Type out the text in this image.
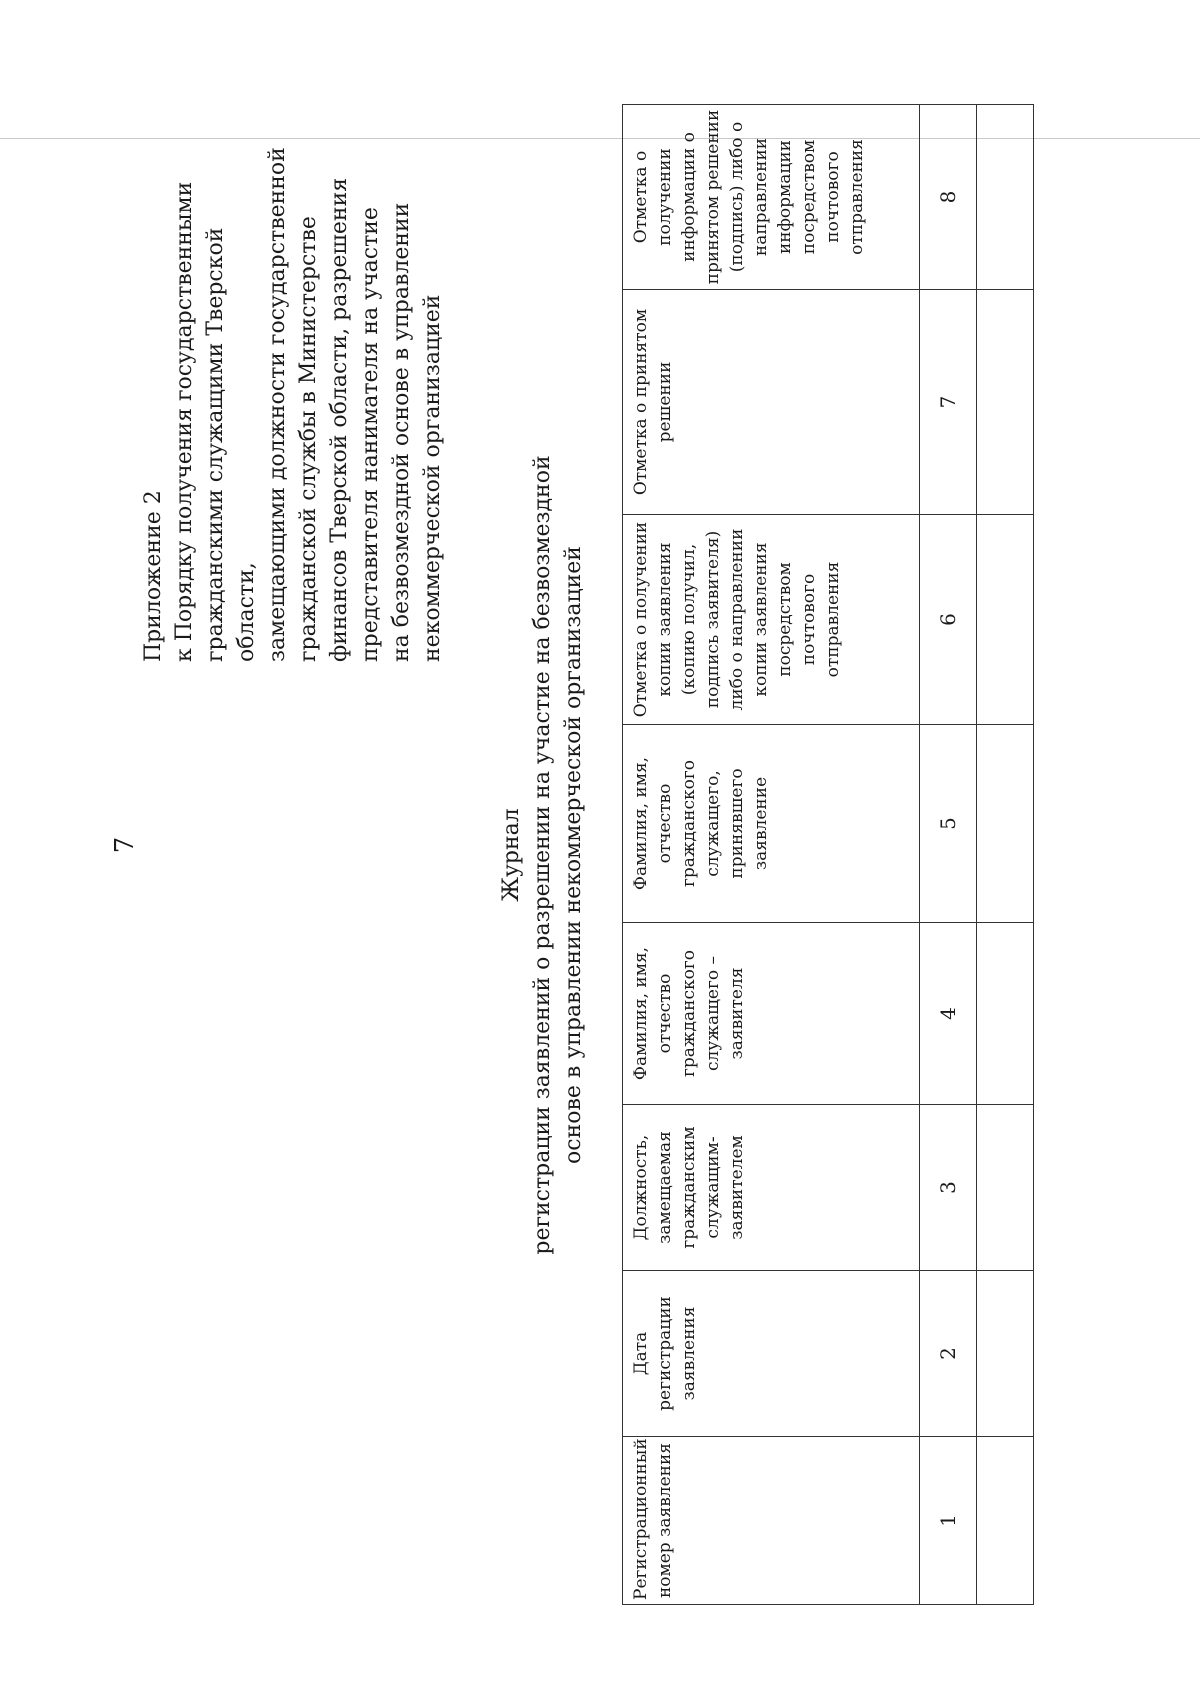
7
Приложение 2 к Порядку получения государственными гражданскими служащими Тверской области, замещающими должности государственной гражданской службы в Министерстве финансов Тверской области, разрешения представителя нанимателя на участие на безвозмездной основе в управлении некоммерческой организацией
Журнал регистрации заявлений о разрешении на участие на безвозмездной основе в управлении некоммерческой организацией
Регистрационный номер заявления	Дата регистрации заявления	Должность, замещаемая гражданским служащим-заявителем	Фамилия, имя, отчество гражданского служащего – заявителя	Фамилия, имя, отчество гражданского служащего, принявшего заявление	Отметка о получении копии заявления (копию получил, подпись заявителя) либо о направлении копии заявления посредством почтового отправления	Отметка о принятом решении	Отметка о получении информации о принятом решении (подпись) либо о направлении информации посредством почтового отправления
1	2	3	4	5	6	7	8
